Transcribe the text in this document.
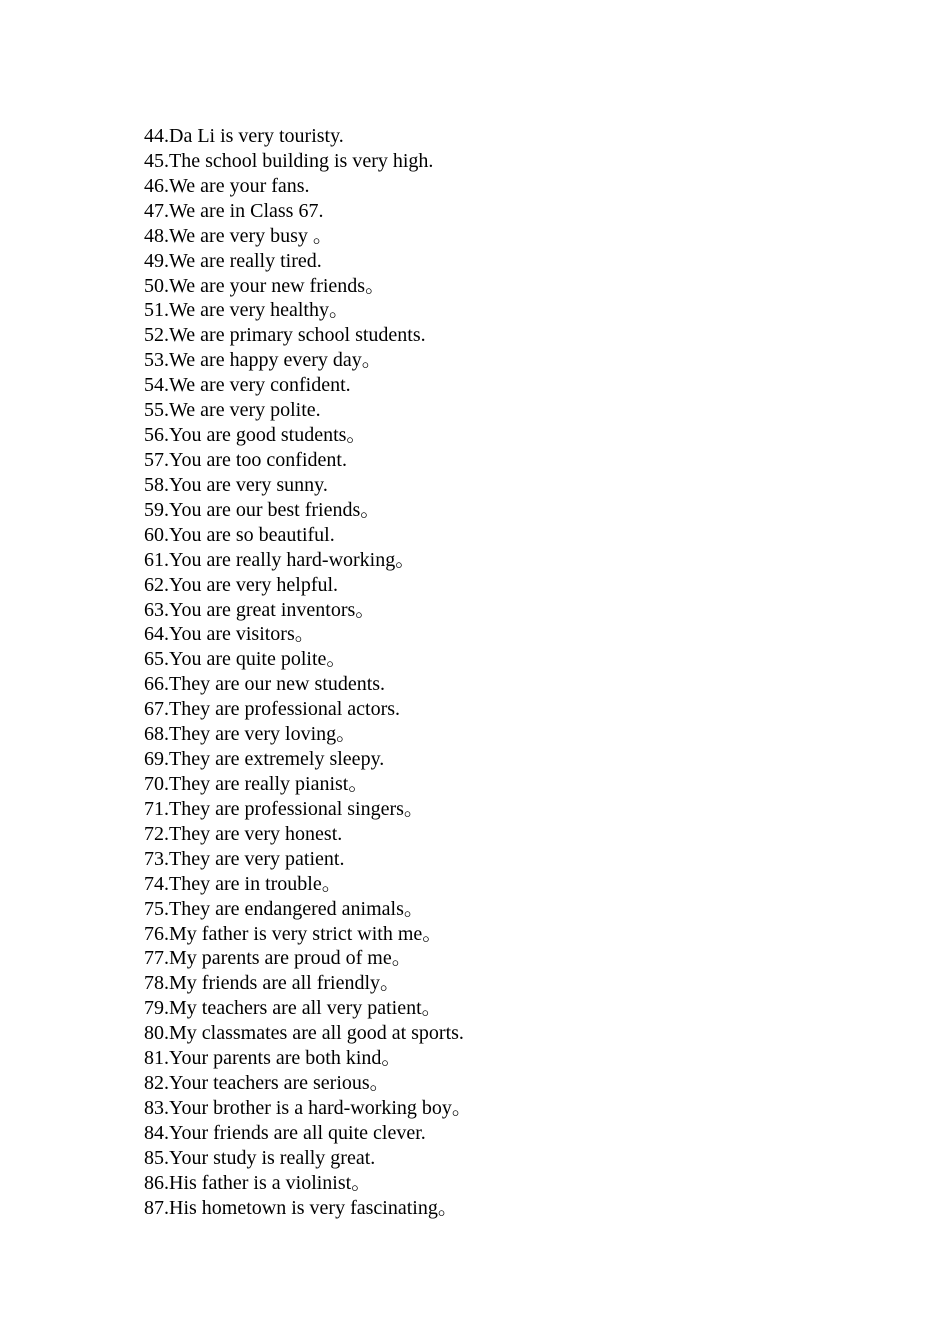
44.Da Li is very touristy.
45.The school building is very high.
46.We are your fans.
47.We are in Class 67.
48.We are very busy 。
49.We are really tired.
50.We are your new friends。
51.We are very healthy。
52.We are primary school students.
53.We are happy every day。
54.We are very confident.
55.We are very polite.
56.You are good students。
57.You are too confident.
58.You are very sunny.
59.You are our best friends。
60.You are so beautiful.
61.You are really hard-working。
62.You are very helpful.
63.You are great inventors。
64.You are visitors。
65.You are quite polite。
66.They are our new students.
67.They are professional actors.
68.They are very loving。
69.They are extremely sleepy.
70.They are really pianist。
71.They are professional singers。
72.They are very honest.
73.They are very patient.
74.They are in trouble。
75.They are endangered animals。
76.My father is very strict with me。
77.My parents are proud of me。
78.My friends are all friendly。
79.My teachers are all very patient。
80.My classmates are all good at sports.
81.Your parents are both kind。
82.Your teachers are serious。
83.Your brother is a hard-working boy。
84.Your friends are all quite clever.
85.Your study is really great.
86.His father is a violinist。
87.His hometown is very fascinating。
